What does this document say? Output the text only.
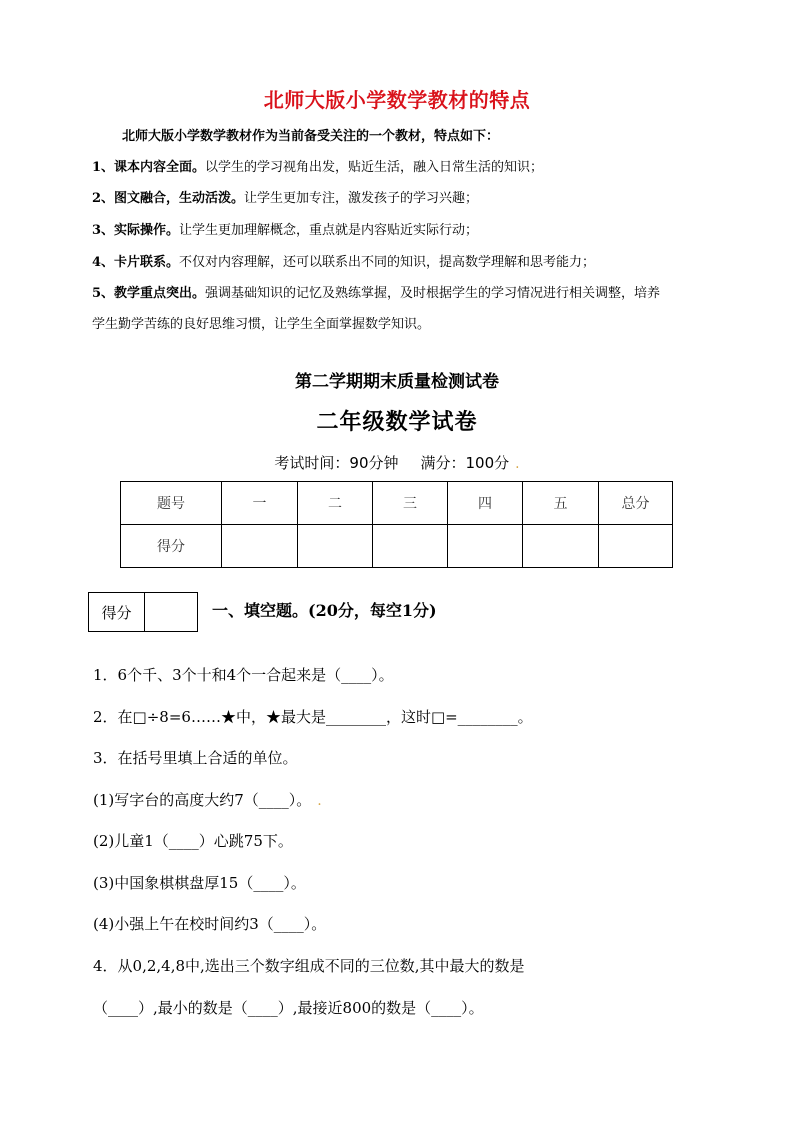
北师大版小学数学教材的特点
北师大版小学数学教材作为当前备受关注的一个教材，特点如下：
1、课本内容全面。以学生的学习视角出发，贴近生活，融入日常生活的知识；
2、图文融合，生动活泼。让学生更加专注，激发孩子的学习兴趣；
3、实际操作。让学生更加理解概念，重点就是内容贴近实际行动；
4、卡片联系。不仅对内容理解，还可以联系出不同的知识，提高数学理解和思考能力；
5、教学重点突出。强调基础知识的记忆及熟练掌握，及时根据学生的学习情况进行相关调整，培养
学生勤学苦练的良好思维习惯，让学生全面掌握数学知识。
第二学期期末质量检测试卷
二年级数学试卷
考试时间：90分钟 满分：100分 .
题号	一	二	三	四	五	总分
得分						
得分	一、填空题。(20分，每空1分)
1．6个千、3个十和4个一合起来是（____）。
2．在□÷8=6……★中，★最大是________，这时□=________。
3．在括号里填上合适的单位。
(1)写字台的高度大约7（____）。 .
(2)儿童1（____）心跳75下。
(3)中国象棋棋盘厚15（____）。
(4)小强上午在校时间约3（____）。
4．从0,2,4,8中,选出三个数字组成不同的三位数,其中最大的数是
（____）,最小的数是（____）,最接近800的数是（____）。
